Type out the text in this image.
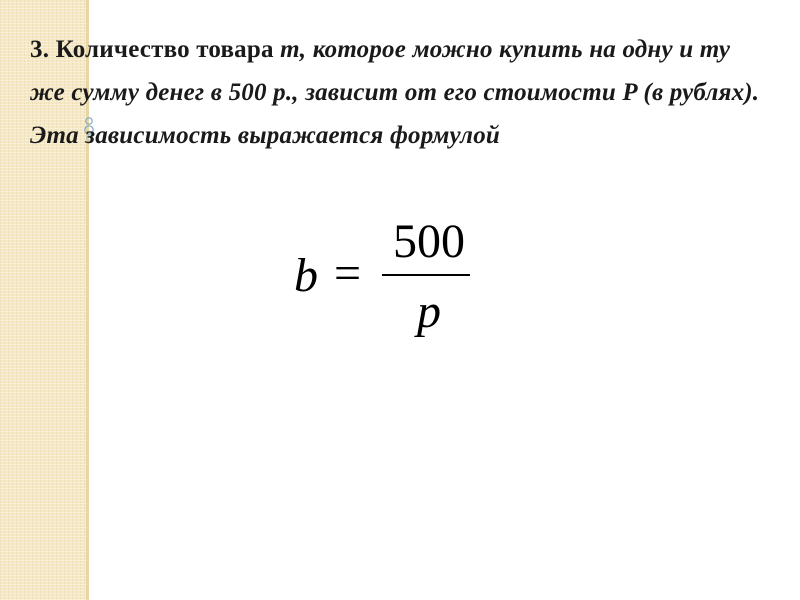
3. Количество товара m, которое можно купить на одну и ту же сумму денег в 500 р., зависит от его стоимости P (в рублях). Эта зависимость выражается формулой

b =
500
p
